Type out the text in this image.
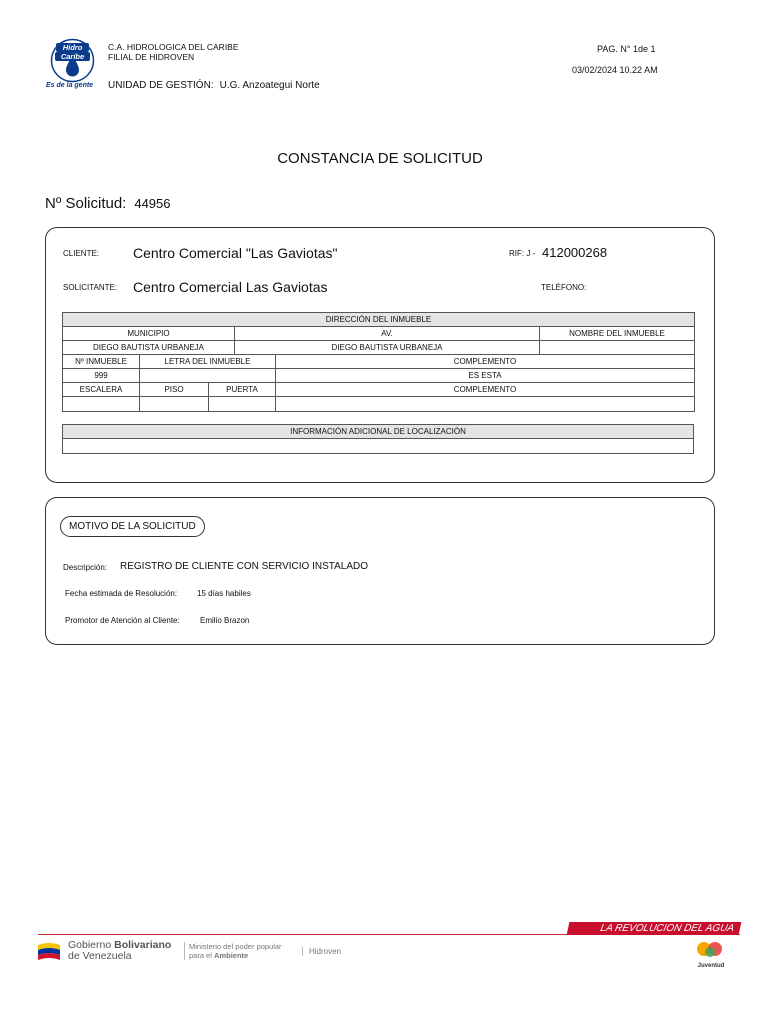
Hidro
Caribe
Es de la gente
C.A. HIDROLOGICA DEL CARIBE
FILIAL DE HIDROVEN
UNIDAD DE GESTIÓN: U.G. Anzoategui Norte
PAG. N° 1de 1
03/02/2024 10.22 AM
CONSTANCIA DE SOLICITUD
Nº Solicitud: 44956
CLIENTE: Centro Comercial "Las Gaviotas"	RIF: J - 412000268
SOLICITANTE: Centro Comercial Las Gaviotas	TELÉFONO:
DIRECCIÓN DEL INMUEBLE					
MUNICIPIO			AV.		NOMBRE DEL INMUEBLE
DIEGO BAUTISTA URBANEJA			DIEGO BAUTISTA URBANEJA		
Nº INMUEBLE	LETRA DEL INMUEBLE			COMPLEMENTO	
999				ES ESTA	
ESCALERA	PISO	PUERTA		COMPLEMENTO	

INFORMACIÓN ADICIONAL DE LOCALIZACIÓN

MOTIVO DE LA SOLICITUD
Descripción: REGISTRO DE CLIENTE CON SERVICIO INSTALADO
Fecha estimada de Resolución: 15 días habiles
Promotor de Atención al Cliente:	Emilio Brazon
LA REVOLUCION DEL AGUA
Gobierno Bolivariano
de Venezuela
Ministerio del poder popular
para el Ambiente	Hidroven
Juventud
